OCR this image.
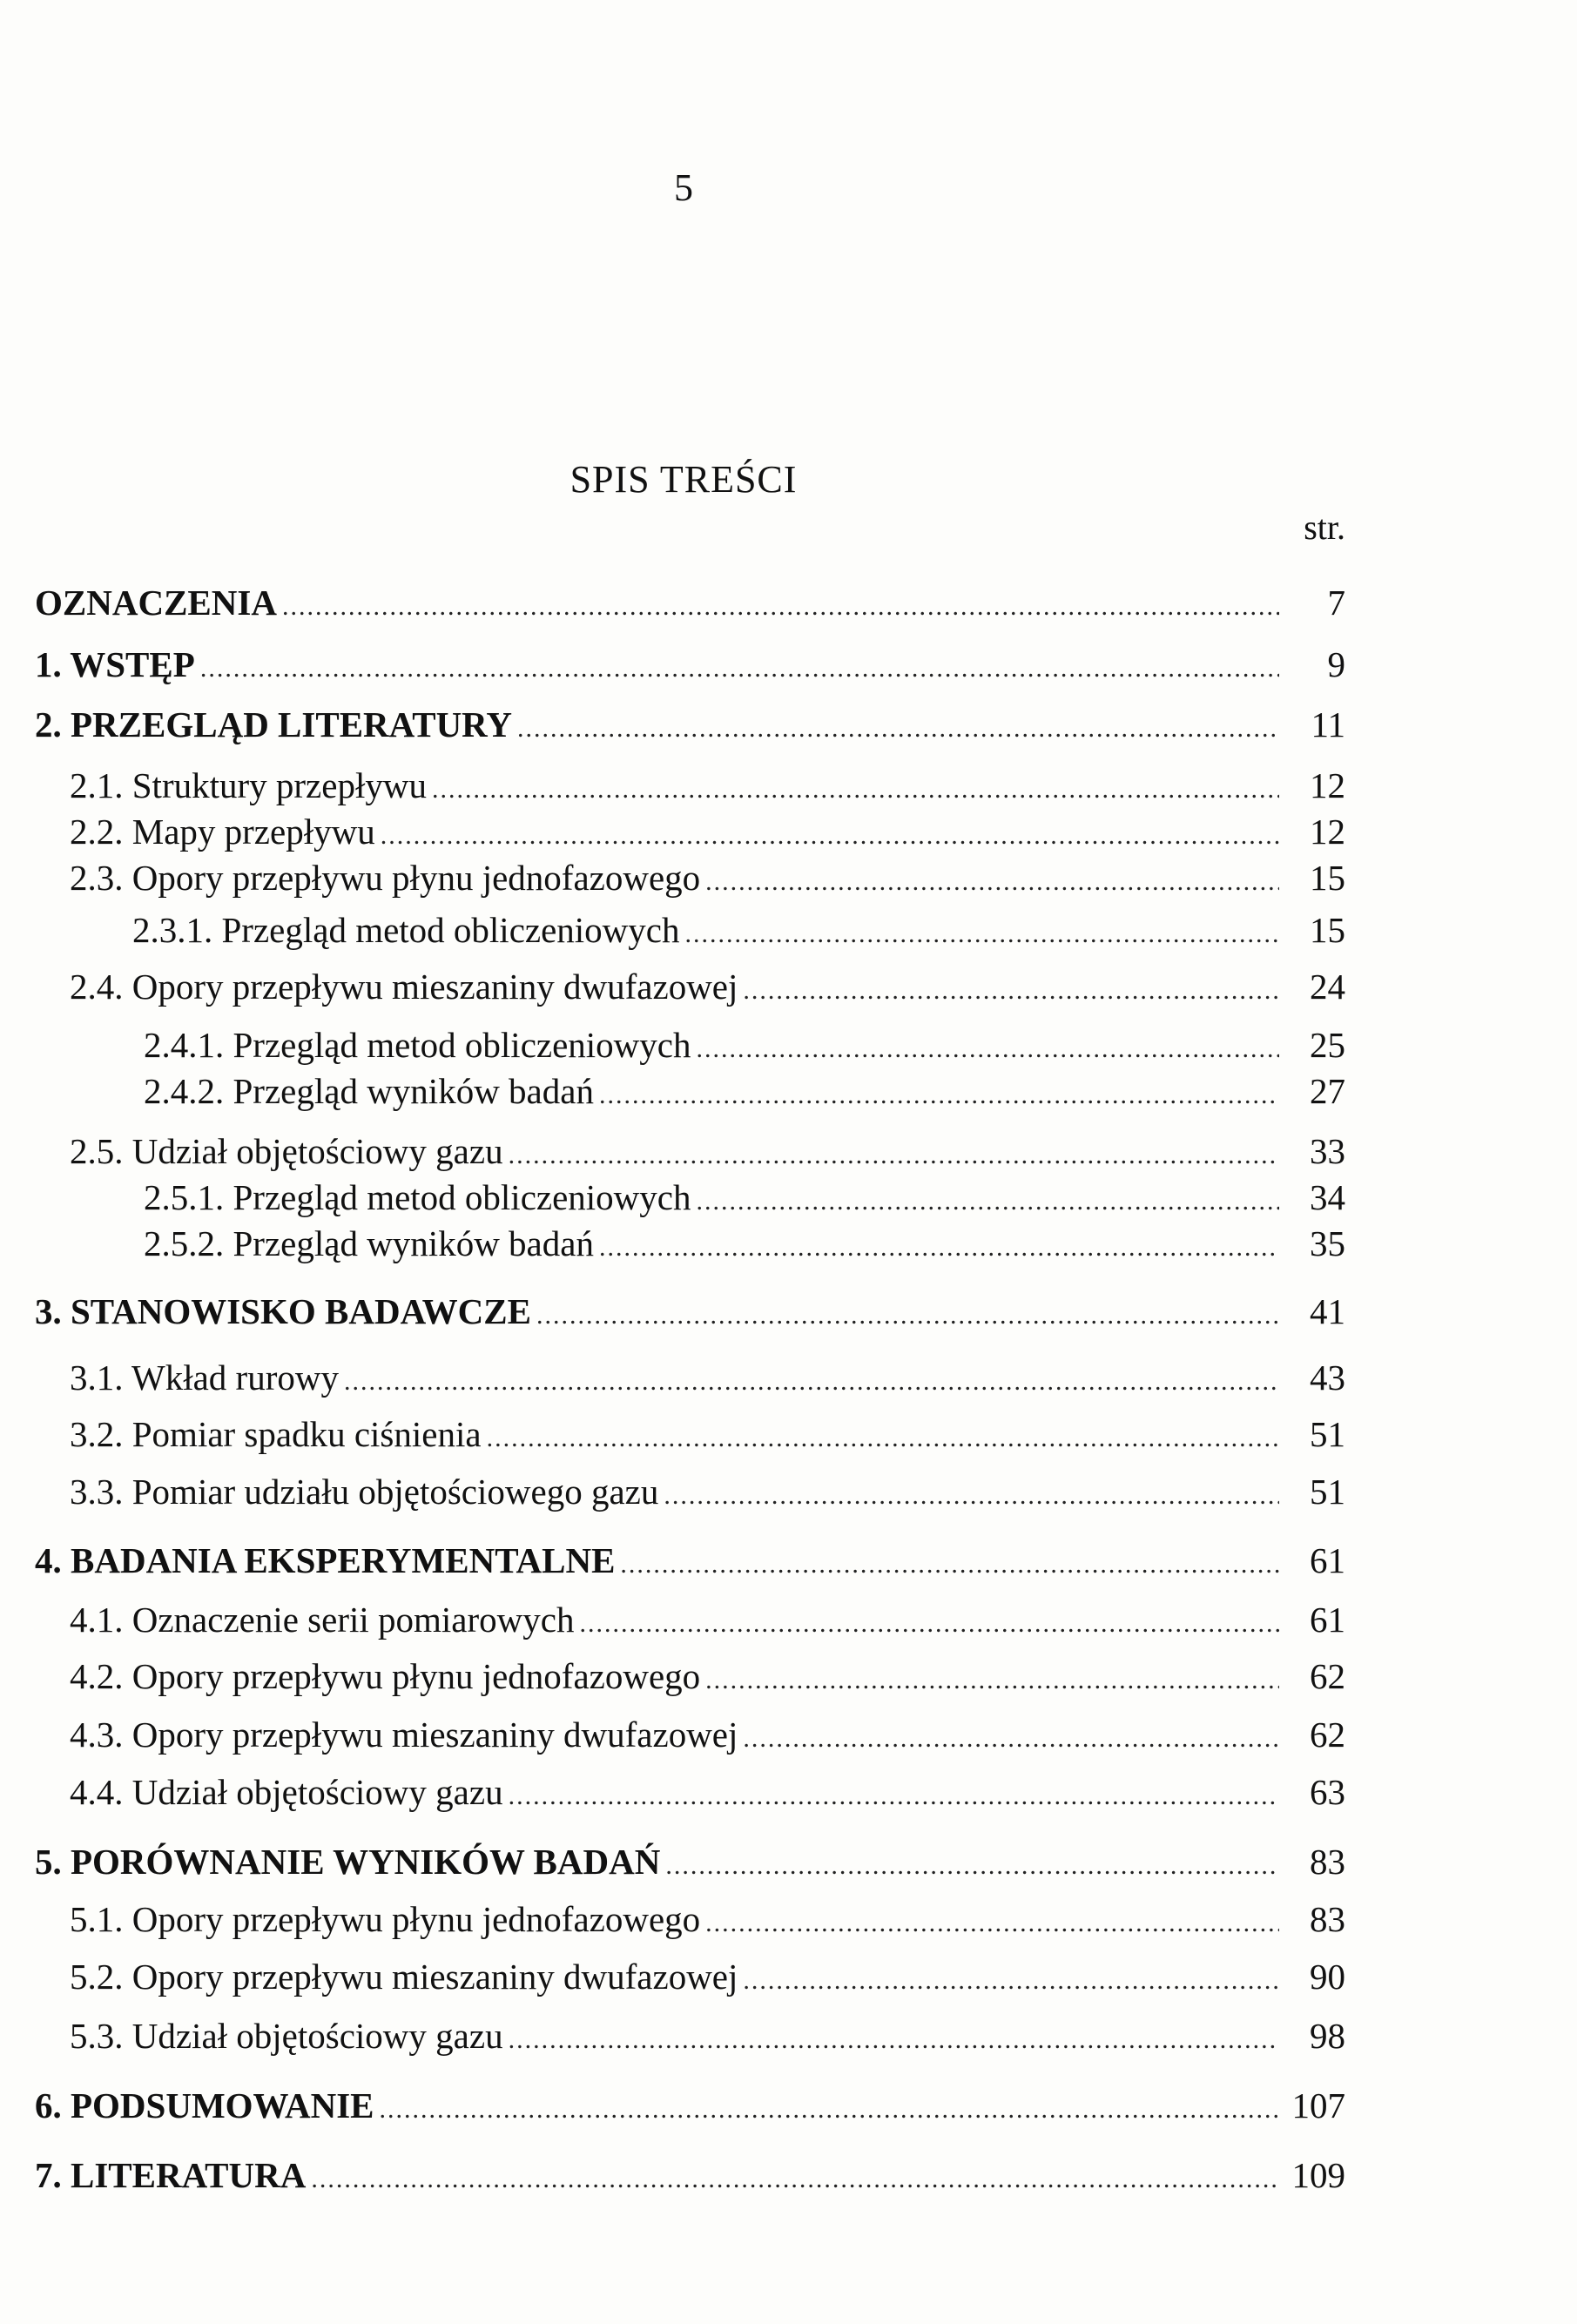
5
SPIS TREŚCI
str.
OZNACZENIA .....	7
1. WSTĘP .....	9
2. PRZEGLĄD LITERATURY .....	11
2.1. Struktury przepływu .....	12
2.2. Mapy przepływu .....	12
2.3. Opory przepływu płynu jednofazowego .....	15
2.3.1. Przegląd metod obliczeniowych .....	15
2.4. Opory przepływu mieszaniny dwufazowej .....	24
2.4.1. Przegląd metod obliczeniowych .....	25
2.4.2. Przegląd wyników badań .....	27
2.5. Udział objętościowy gazu .....	33
2.5.1. Przegląd metod obliczeniowych .....	34
2.5.2. Przegląd wyników badań .....	35
3. STANOWISKO BADAWCZE .....	41
3.1. Wkład rurowy .....	43
3.2. Pomiar spadku ciśnienia .....	51
3.3. Pomiar udziału objętościowego gazu .....	51
4. BADANIA EKSPERYMENTALNE .....	61
4.1. Oznaczenie serii pomiarowych .....	61
4.2. Opory przepływu płynu jednofazowego .....	62
4.3. Opory przepływu mieszaniny dwufazowej .....	62
4.4. Udział objętościowy gazu .....	63
5. PORÓWNANIE WYNIKÓW BADAŃ .....	83
5.1. Opory przepływu płynu jednofazowego .....	83
5.2. Opory przepływu mieszaniny dwufazowej .....	90
5.3. Udział objętościowy gazu .....	98
6. PODSUMOWANIE .....	107
7. LITERATURA .....	109
